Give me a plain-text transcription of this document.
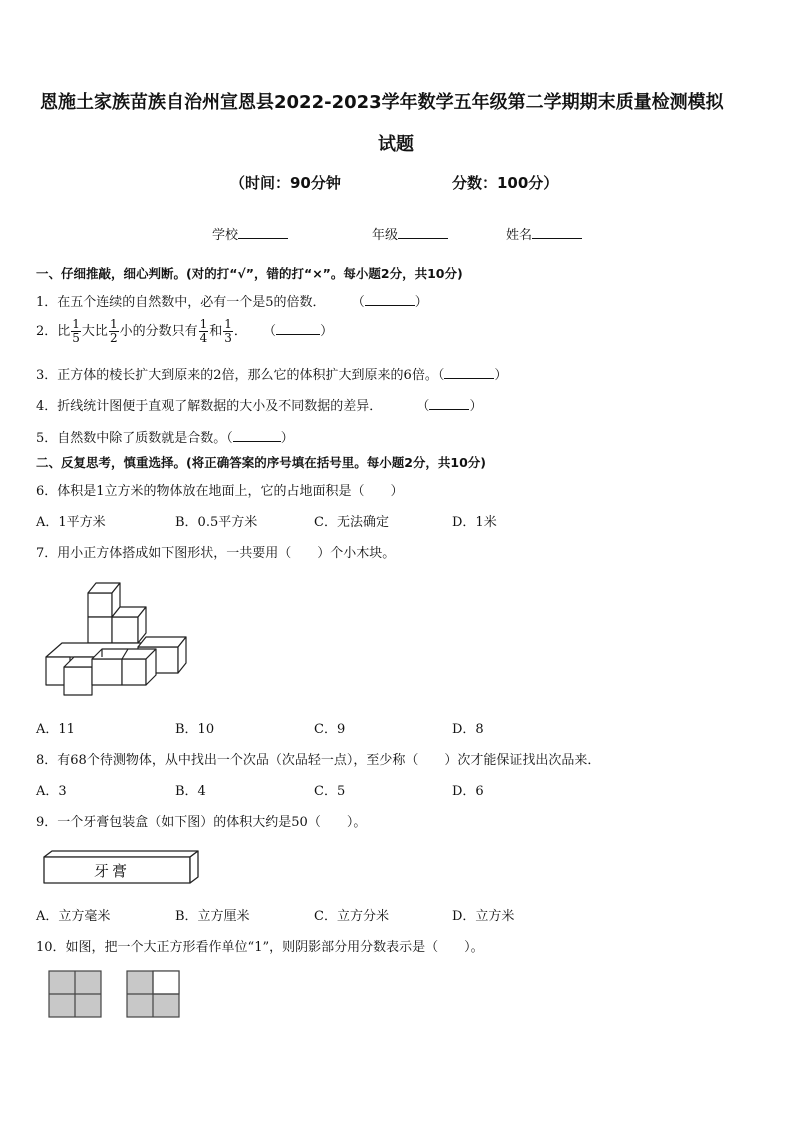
恩施土家族苗族自治州宣恩县2022-2023学年数学五年级第二学期期末质量检测模拟
试题
（时间：90分钟	分数：100分）
学校	年级	姓名
一、仔细推敲，细心判断。(对的打“√”，错的打“×”。每小题2分，共10分)
1．在五个连续的自然数中，必有一个是5的倍数． （	）
2．比 $\frac{1}{5}$ 大比 $\frac{1}{2}$ 小的分数只有 $\frac{1}{4}$ 和 $\frac{1}{3}$ ． （	）
3．正方体的棱长扩大到原来的2倍，那么它的体积扩大到原来的6倍。（	）
4．折线统计图便于直观了解数据的大小及不同数据的差异．	（	）
5．自然数中除了质数就是合数。（	）
二、反复思考，慎重选择。(将正确答案的序号填在括号里。每小题2分，共10分)
6．体积是1立方米的物体放在地面上，它的占地面积是（　　）
A．1平方米	B．0.5平方米	C．无法确定	D．1米
7．用小正方体搭成如下图形状，一共要用（　　）个小木块。
A．11	B．10	C．9	D．8
8．有68个待测物体，从中找出一个次品（次品轻一点），至少称（　　）次才能保证找出次品来．
A．3	B．4	C．5	D．6
9．一个牙膏包装盒（如下图）的体积大约是50（　　）。
牙膏
A．立方毫米	B．立方厘米	C．立方分米	D．立方米
10．如图，把一个大正方形看作单位“1”，则阴影部分用分数表示是（　　）。
